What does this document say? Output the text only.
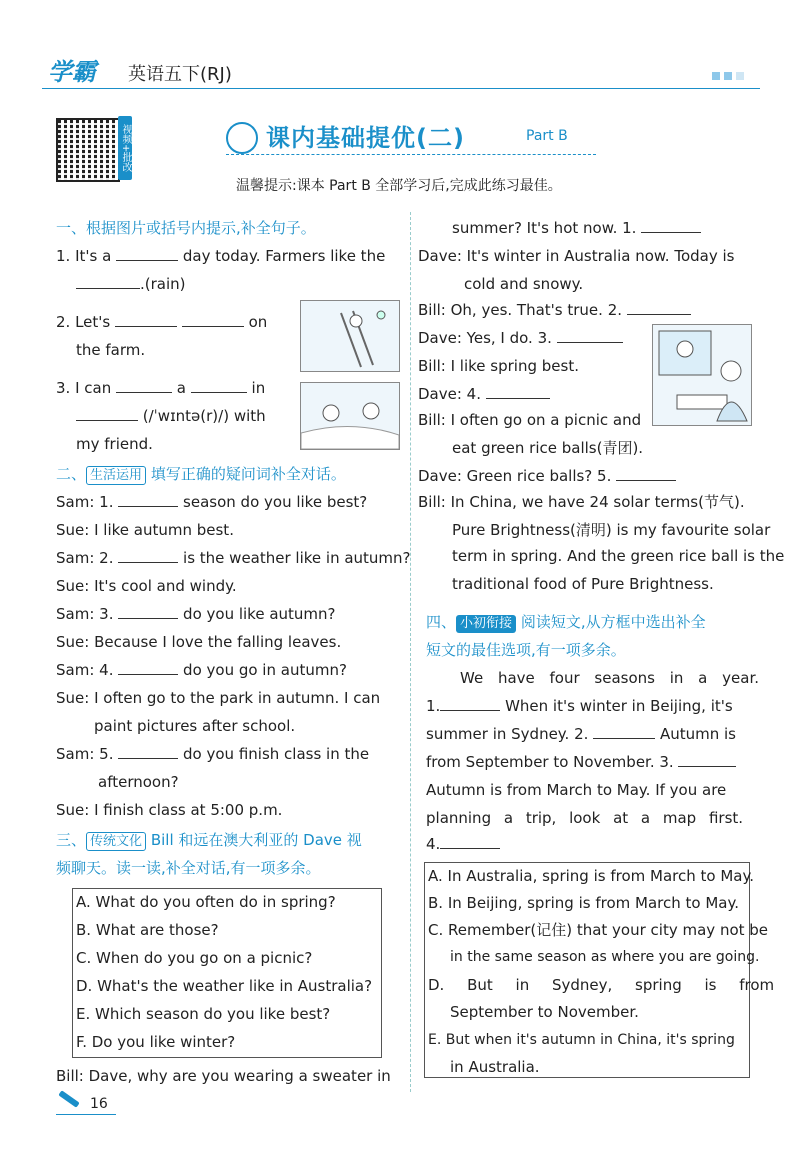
学霸 英语五下(RJ)
视频+批改	课内基础提优(二)	Part B
温馨提示:课本 Part B 全部学习后,完成此练习最佳。
一、根据图片或括号内提示,补全句子。
1. It's a	day today. Farmers like the
.(rain)
2. Let's	on
the farm.
3. I can	a	in
(/ˈwɪntə(r)/) with
my friend.
二、 生活运用 填写正确的疑问词补全对话。
Sam: 1.	season do you like best?
Sue: I like autumn best.
Sam: 2.	is the weather like in autumn?
Sue: It's cool and windy.
Sam: 3.	do you like autumn?
Sue: Because I love the falling leaves.
Sam: 4.	do you go in autumn?
Sue: I often go to the park in autumn. I can
paint pictures after school.
Sam: 5.	do you finish class in the
afternoon?
Sue: I finish class at 5:00 p.m.
三、 传统文化 Bill 和远在澳大利亚的 Dave 视
频聊天。读一读,补全对话,有一项多余。
A. What do you often do in spring?
B. What are those?
C. When do you go on a picnic?
D. What's the weather like in Australia?
E. Which season do you like best?
F. Do you like winter?
Bill: Dave, why are you wearing a sweater in
summer? It's hot now. 1.
Dave: It's winter in Australia now. Today is
cold and snowy.
Bill: Oh, yes. That's true. 2.
Dave: Yes, I do. 3.
Bill: I like spring best.
Dave: 4.
Bill: I often go on a picnic and
eat green rice balls(青团).
Dave: Green rice balls? 5.
Bill: In China, we have 24 solar terms(节气).
Pure Brightness(清明) is my favourite solar
term in spring. And the green rice ball is the
traditional food of Pure Brightness.
四、 小初衔接 阅读短文,从方框中选出补全
短文的最佳选项,有一项多余。
We have four seasons in a year.
1.	When it's winter in Beijing, it's
summer in Sydney. 2.	Autumn is
from September to November. 3.
Autumn is from March to May. If you are
planning a trip, look at a map first.
4.
A. In Australia, spring is from March to May.
B. In Beijing, spring is from March to May.
C. Remember(记住) that your city may not be
in the same season as where you are going.
D. But in Sydney, spring is from
September to November.
E. But when it's autumn in China, it's spring
in Australia.
16
